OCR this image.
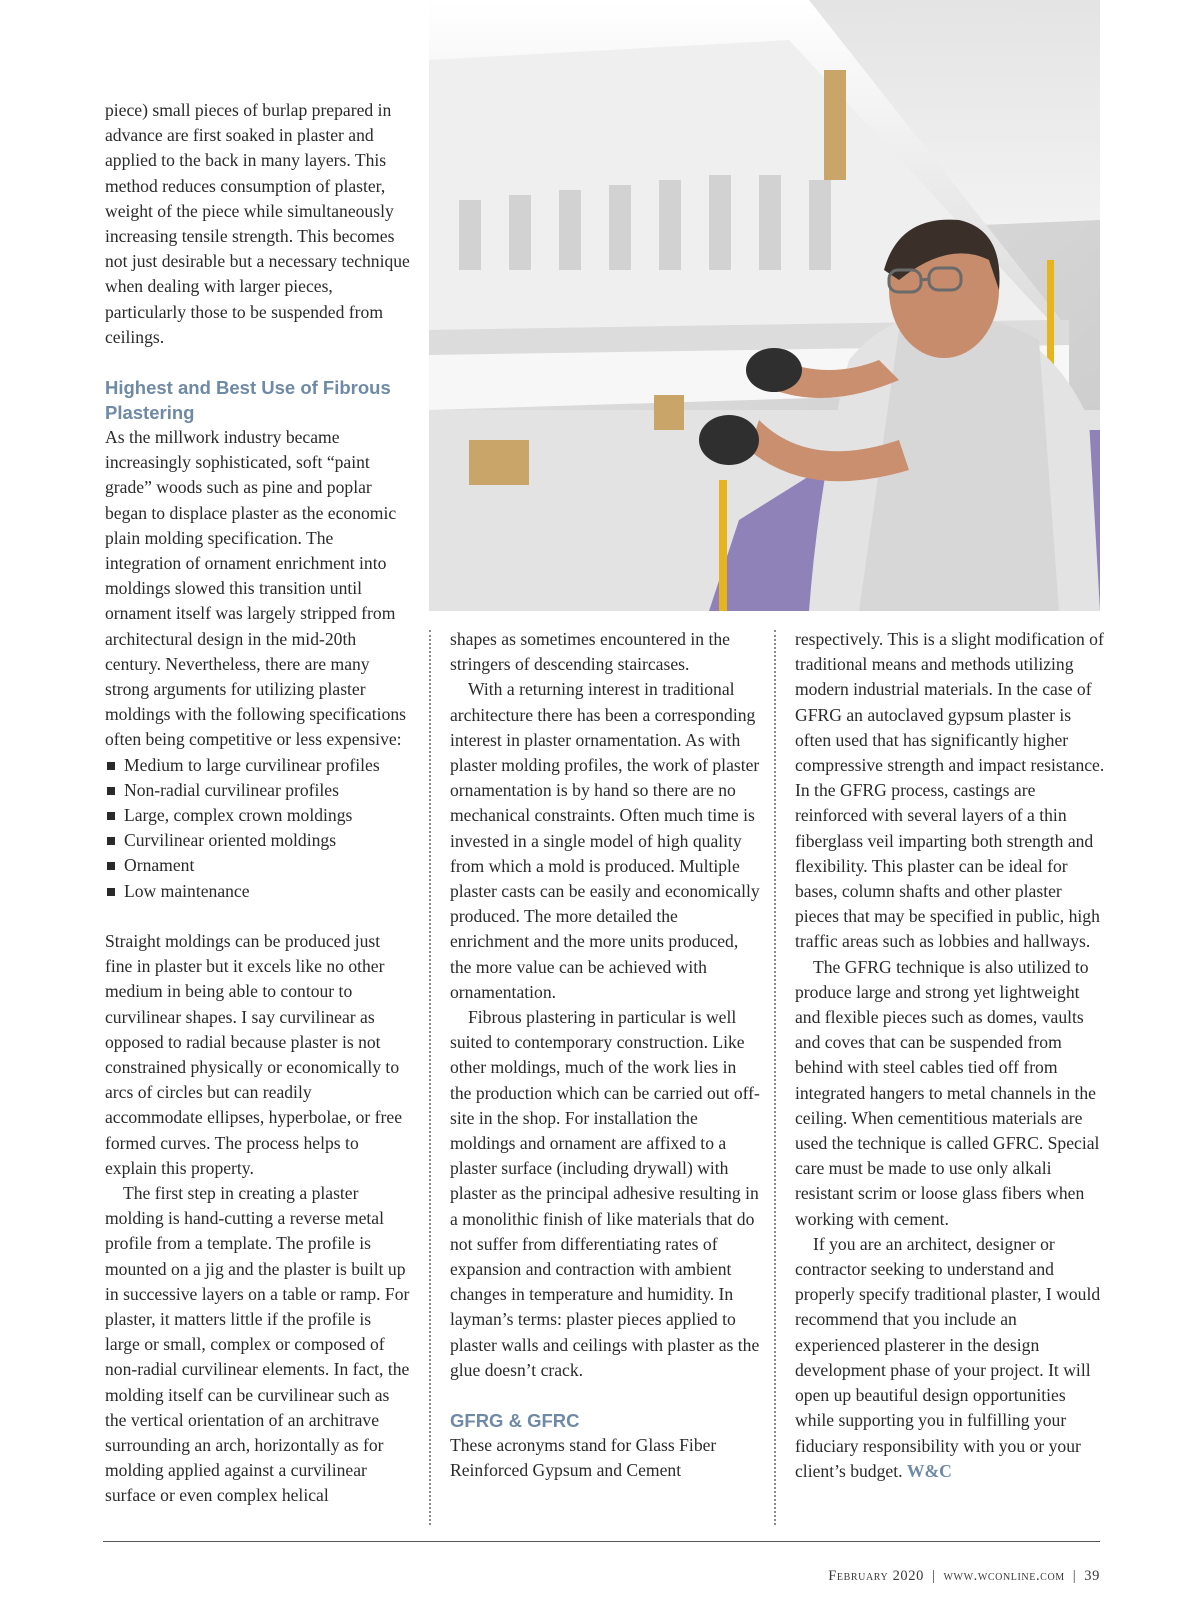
piece) small pieces of burlap prepared in advance are first soaked in plaster and applied to the back in many layers. This method reduces consumption of plaster, weight of the piece while simultaneously increasing tensile strength. This becomes not just desirable but a necessary technique when dealing with larger pieces, particularly those to be suspended from ceilings.

Highest and Best Use of Fibrous Plastering

As the millwork industry became increasingly sophisticated, soft “paint grade” woods such as pine and poplar began to displace plaster as the economic plain molding specification. The integration of ornament enrichment into moldings slowed this transition until ornament itself was largely stripped from architectural design in the mid-20th century. Nevertheless, there are many strong arguments for utilizing plaster moldings with the following specifications often being competitive or less expensive:

Medium to large curvilinear profiles
Non-radial curvilinear profiles
Large, complex crown moldings
Curvilinear oriented moldings
Ornament
Low maintenance

Straight moldings can be produced just fine in plaster but it excels like no other medium in being able to contour to curvilinear shapes. I say curvilinear as opposed to radial because plaster is not constrained physically or economically to arcs of circles but can readily accommodate ellipses, hyperbolae, or free formed curves. The process helps to explain this property.

The first step in creating a plaster molding is hand-cutting a reverse metal profile from a template. The profile is mounted on a jig and the plaster is built up in successive layers on a table or ramp. For plaster, it matters little if the profile is large or small, complex or composed of non-radial curvilinear elements. In fact, the molding itself can be curvilinear such as the vertical orientation of an architrave surrounding an arch, horizontally as for molding applied against a curvilinear surface or even complex helical

shapes as sometimes encountered in the stringers of descending staircases.

With a returning interest in traditional architecture there has been a corresponding interest in plaster ornamentation. As with plaster molding profiles, the work of plaster ornamentation is by hand so there are no mechanical constraints. Often much time is invested in a single model of high quality from which a mold is produced. Multiple plaster casts can be easily and economically produced. The more detailed the enrichment and the more units produced, the more value can be achieved with ornamentation.

Fibrous plastering in particular is well suited to contemporary construction. Like other moldings, much of the work lies in the production which can be carried out off-site in the shop. For installation the moldings and ornament are affixed to a plaster surface (including drywall) with plaster as the principal adhesive resulting in a monolithic finish of like materials that do not suffer from differentiating rates of expansion and contraction with ambient changes in temperature and humidity. In layman’s terms: plaster pieces applied to plaster walls and ceilings with plaster as the glue doesn’t crack.

GFRG & GFRC

These acronyms stand for Glass Fiber Reinforced Gypsum and Cement

respectively. This is a slight modification of traditional means and methods utilizing modern industrial materials. In the case of GFRG an autoclaved gypsum plaster is often used that has significantly higher compressive strength and impact resistance. In the GFRG process, castings are reinforced with several layers of a thin fiberglass veil imparting both strength and flexibility. This plaster can be ideal for bases, column shafts and other plaster pieces that may be specified in public, high traffic areas such as lobbies and hallways.

The GFRG technique is also utilized to produce large and strong yet lightweight and flexible pieces such as domes, vaults and coves that can be suspended from behind with steel cables tied off from integrated hangers to metal channels in the ceiling. When cementitious materials are used the technique is called GFRC. Special care must be made to use only alkali resistant scrim or loose glass fibers when working with cement.

If you are an architect, designer or contractor seeking to understand and properly specify traditional plaster, I would recommend that you include an experienced plasterer in the design development phase of your project. It will open up beautiful design opportunities while supporting you in fulfilling your fiduciary responsibility with you or your client’s budget. W&C

February 2020 | www.wconline.com | 39
